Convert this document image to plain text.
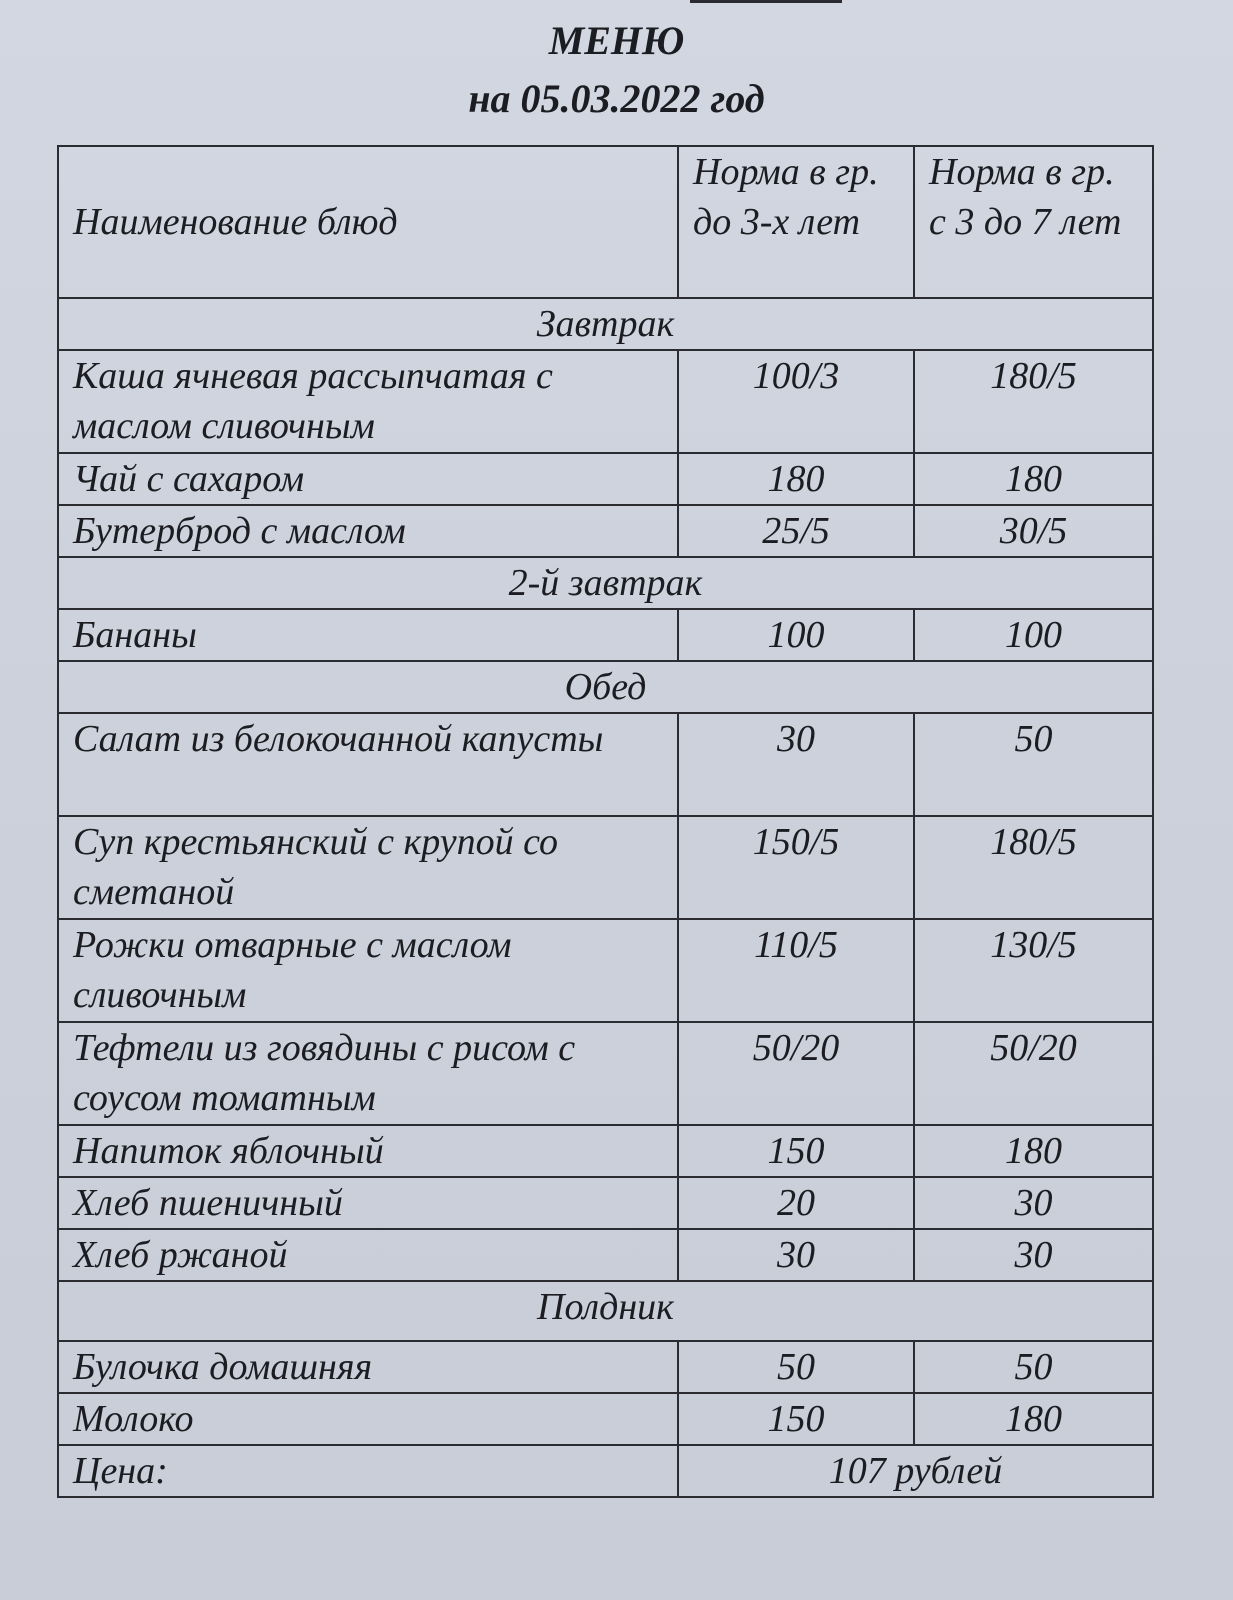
МЕНЮ
на 05.03.2022 год
Наименование блюд	Норма в гр. до 3-х лет	Норма в гр. с 3 до 7 лет
Завтрак		
Каша ячневая рассыпчатая с маслом сливочным	100/3	180/5
Чай с сахаром	180	180
Бутерброд с маслом	25/5	30/5
2-й завтрак		
Бананы	100	100
Обед		
Салат из белокочанной капусты	30	50
Суп крестьянский с крупой со сметаной	150/5	180/5
Рожки отварные с маслом сливочным	110/5	130/5
Тефтели из говядины с рисом с соусом томатным	50/20	50/20
Напиток яблочный	150	180
Хлеб пшеничный	20	30
Хлеб ржаной	30	30
Полдник		
Булочка домашняя	50	50
Молоко	150	180
Цена:	107 рублей	
